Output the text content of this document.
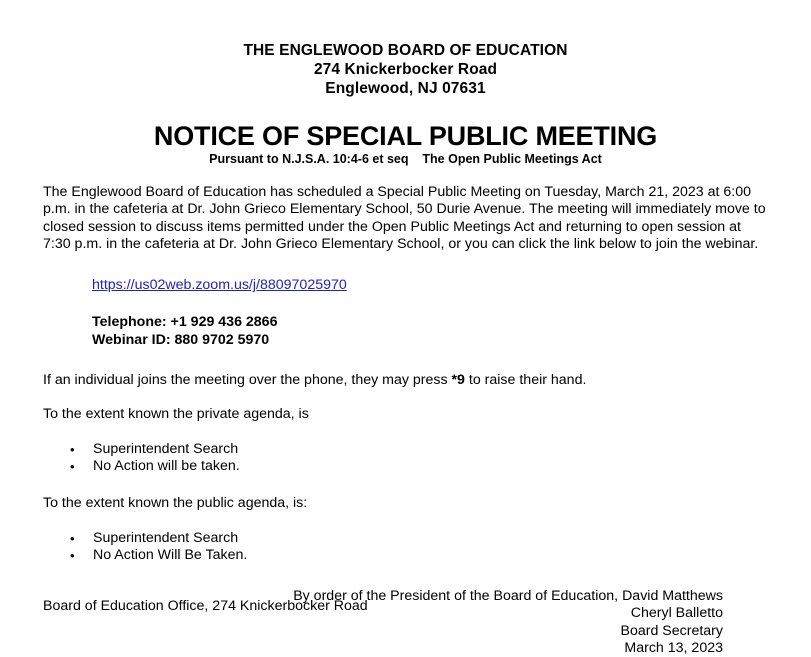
THE ENGLEWOOD BOARD OF EDUCATION
274 Knickerbocker Road
Englewood, NJ 07631
NOTICE OF SPECIAL PUBLIC MEETING
Pursuant to N.J.S.A. 10:4-6 et seq    The Open Public Meetings Act

The Englewood Board of Education has scheduled a Special Public Meeting on Tuesday, March 21, 2023 at 6:00 p.m. in the cafeteria at Dr. John Grieco Elementary School, 50 Durie Avenue. The meeting will immediately move to closed session to discuss items permitted under the Open Public Meetings Act and returning to open session at 7:30 p.m. in the cafeteria at Dr. John Grieco Elementary School, or you can click the link below to join the webinar.

https://us02web.zoom.us/j/88097025970
Telephone: +1 929 436 2866
Webinar ID: 880 9702 5970

If an individual joins the meeting over the phone, they may press *9 to raise their hand.

To the extent known the private agenda, is

• Superintendent Search
• No Action will be taken.

To the extent known the public agenda, is:

• Superintendent Search
• No Action Will Be Taken.
By order of the President of the Board of Education, David Matthews
Cheryl Balletto
Board Secretary
March 13, 2023
Board of Education Office, 274 Knickerbocker Road
